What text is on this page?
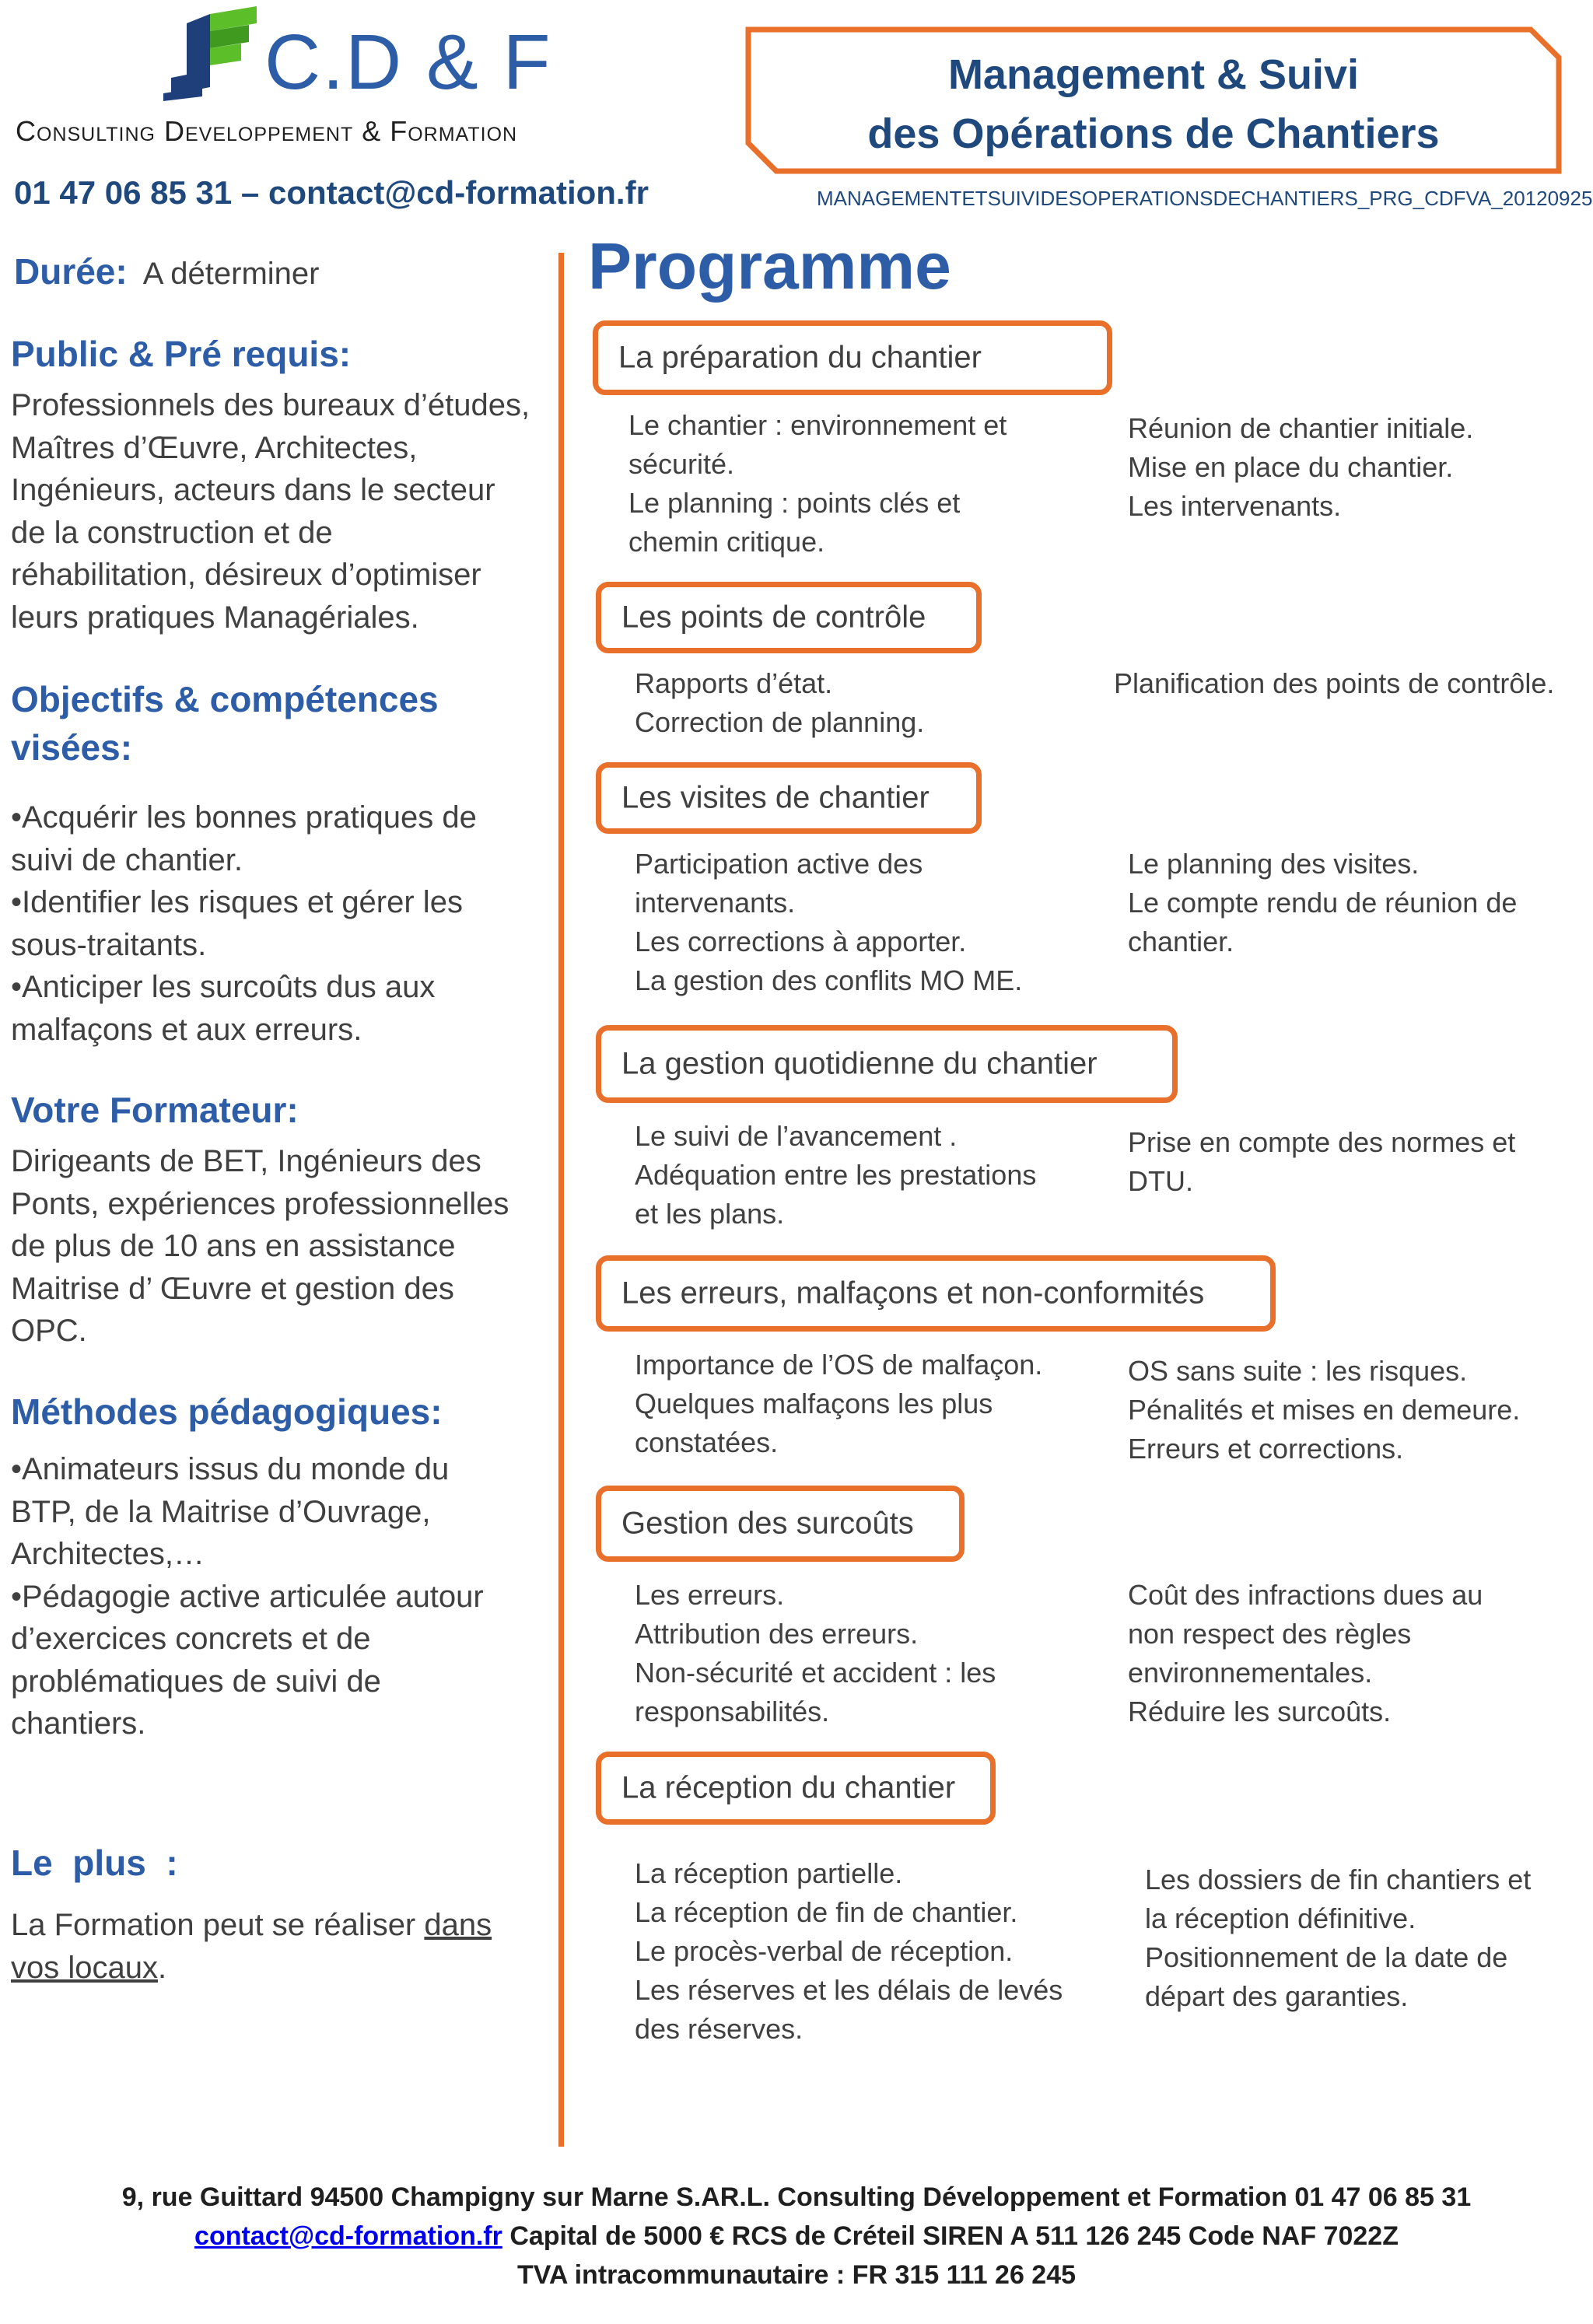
C.D & F
Consulting Developpement & Formation
01 47 06 85 31 – contact@cd-formation.fr
Management & Suivi
des Opérations de Chantiers
MANAGEMENTETSUIVIDESOPERATIONSDECHANTIERS_PRG_CDFVA_20120925
Durée: A déterminer
Public & Pré requis:
Professionnels des bureaux d’études,
Maîtres d’Œuvre, Architectes,
Ingénieurs, acteurs dans le secteur
de la construction et de
réhabilitation, désireux d’optimiser
leurs pratiques Managériales.
Objectifs & compétences
visées:
•Acquérir les bonnes pratiques de
suivi de chantier.
•Identifier les risques et gérer les
sous-traitants.
•Anticiper les surcoûts dus aux
malfaçons et aux erreurs.
Votre Formateur:
Dirigeants de BET, Ingénieurs des
Ponts, expériences professionnelles
de plus de 10 ans en assistance
Maitrise d’ Œuvre et gestion des
OPC.
Méthodes pédagogiques:
•Animateurs issus du monde du
BTP, de la Maitrise d’Ouvrage,
Architectes,…
•Pédagogie active articulée autour
d’exercices concrets et de
problématiques de suivi de
chantiers.
Le  plus  :
La Formation peut se réaliser dans
vos locaux.
Programme
La préparation du chantier
Le chantier : environnement et
sécurité.
Le planning : points clés et
chemin critique.
Réunion de chantier initiale.
Mise en place du chantier.
Les intervenants.
Les points de contrôle
Rapports d’état.
Correction de planning.
Planification des points de contrôle.
Les visites de chantier
Participation active des
intervenants.
Les corrections à apporter.
La gestion des conflits MO ME.
Le planning des visites.
Le compte rendu de réunion de
chantier.
La gestion quotidienne du chantier
Le suivi de l’avancement .
Adéquation entre les prestations
et les plans.
Prise en compte des normes et
DTU.
Les erreurs, malfaçons et non-conformités
Importance de l’OS de malfaçon.
Quelques malfaçons les plus
constatées.
OS sans suite : les risques.
Pénalités et mises en demeure.
Erreurs et corrections.
Gestion des surcoûts
Les erreurs.
Attribution des erreurs.
Non-sécurité et accident : les
responsabilités.
Coût des infractions dues au
non respect des règles
environnementales.
Réduire les surcoûts.
La réception du chantier
La réception partielle.
La réception de fin de chantier.
Le procès-verbal de réception.
Les réserves et les délais de levés
des réserves.
Les dossiers de fin chantiers et
la réception définitive.
Positionnement de la date de
départ des garanties.
9, rue Guittard 94500 Champigny sur Marne S.AR.L. Consulting Développement et Formation 01 47 06 85 31
contact@cd-formation.fr Capital de 5000 € RCS de Créteil SIREN A 511 126 245 Code NAF 7022Z
TVA intracommunautaire : FR 315 111 26 245
